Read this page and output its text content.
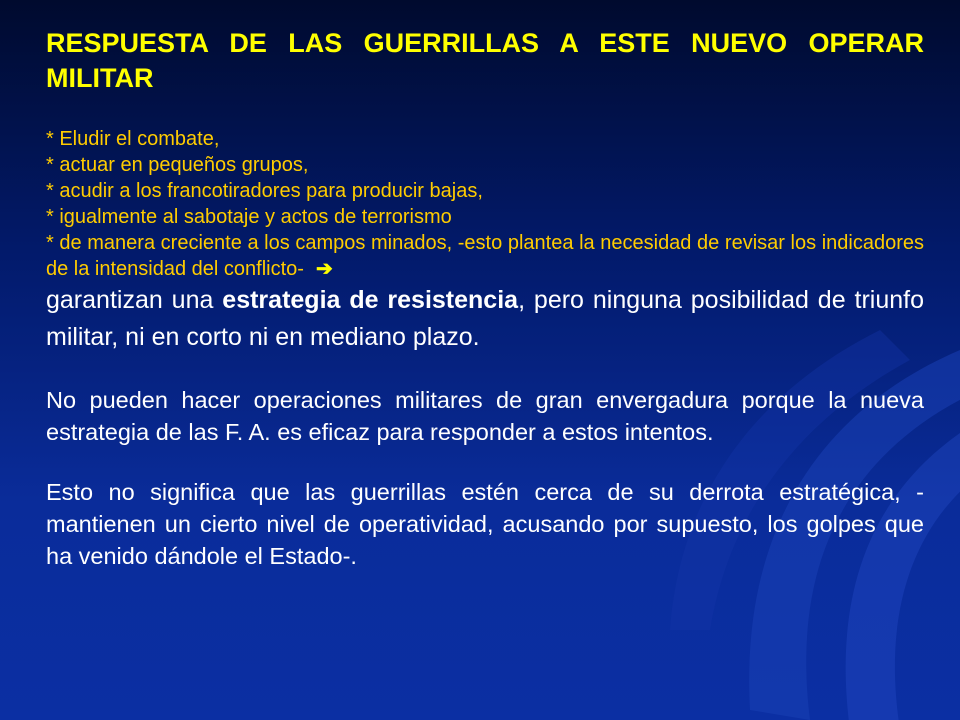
RESPUESTA DE LAS GUERRILLAS A ESTE NUEVO OPERAR MILITAR
* Eludir el combate,
* actuar en pequeños grupos,
* acudir a los francotiradores para producir bajas,
* igualmente al sabotaje y actos de terrorismo
* de manera creciente a los campos minados, -esto plantea la necesidad de revisar los indicadores de la intensidad del conflicto- ➔

garantizan una estrategia de resistencia, pero ninguna posibilidad de triunfo militar, ni en corto ni en mediano plazo.

No pueden hacer operaciones militares de gran envergadura porque la nueva estrategia de las F. A. es eficaz para responder a estos intentos.

Esto no significa que las guerrillas estén cerca de su derrota estratégica, - mantienen un cierto nivel de operatividad, acusando por supuesto, los golpes que ha venido dándole el Estado-.
